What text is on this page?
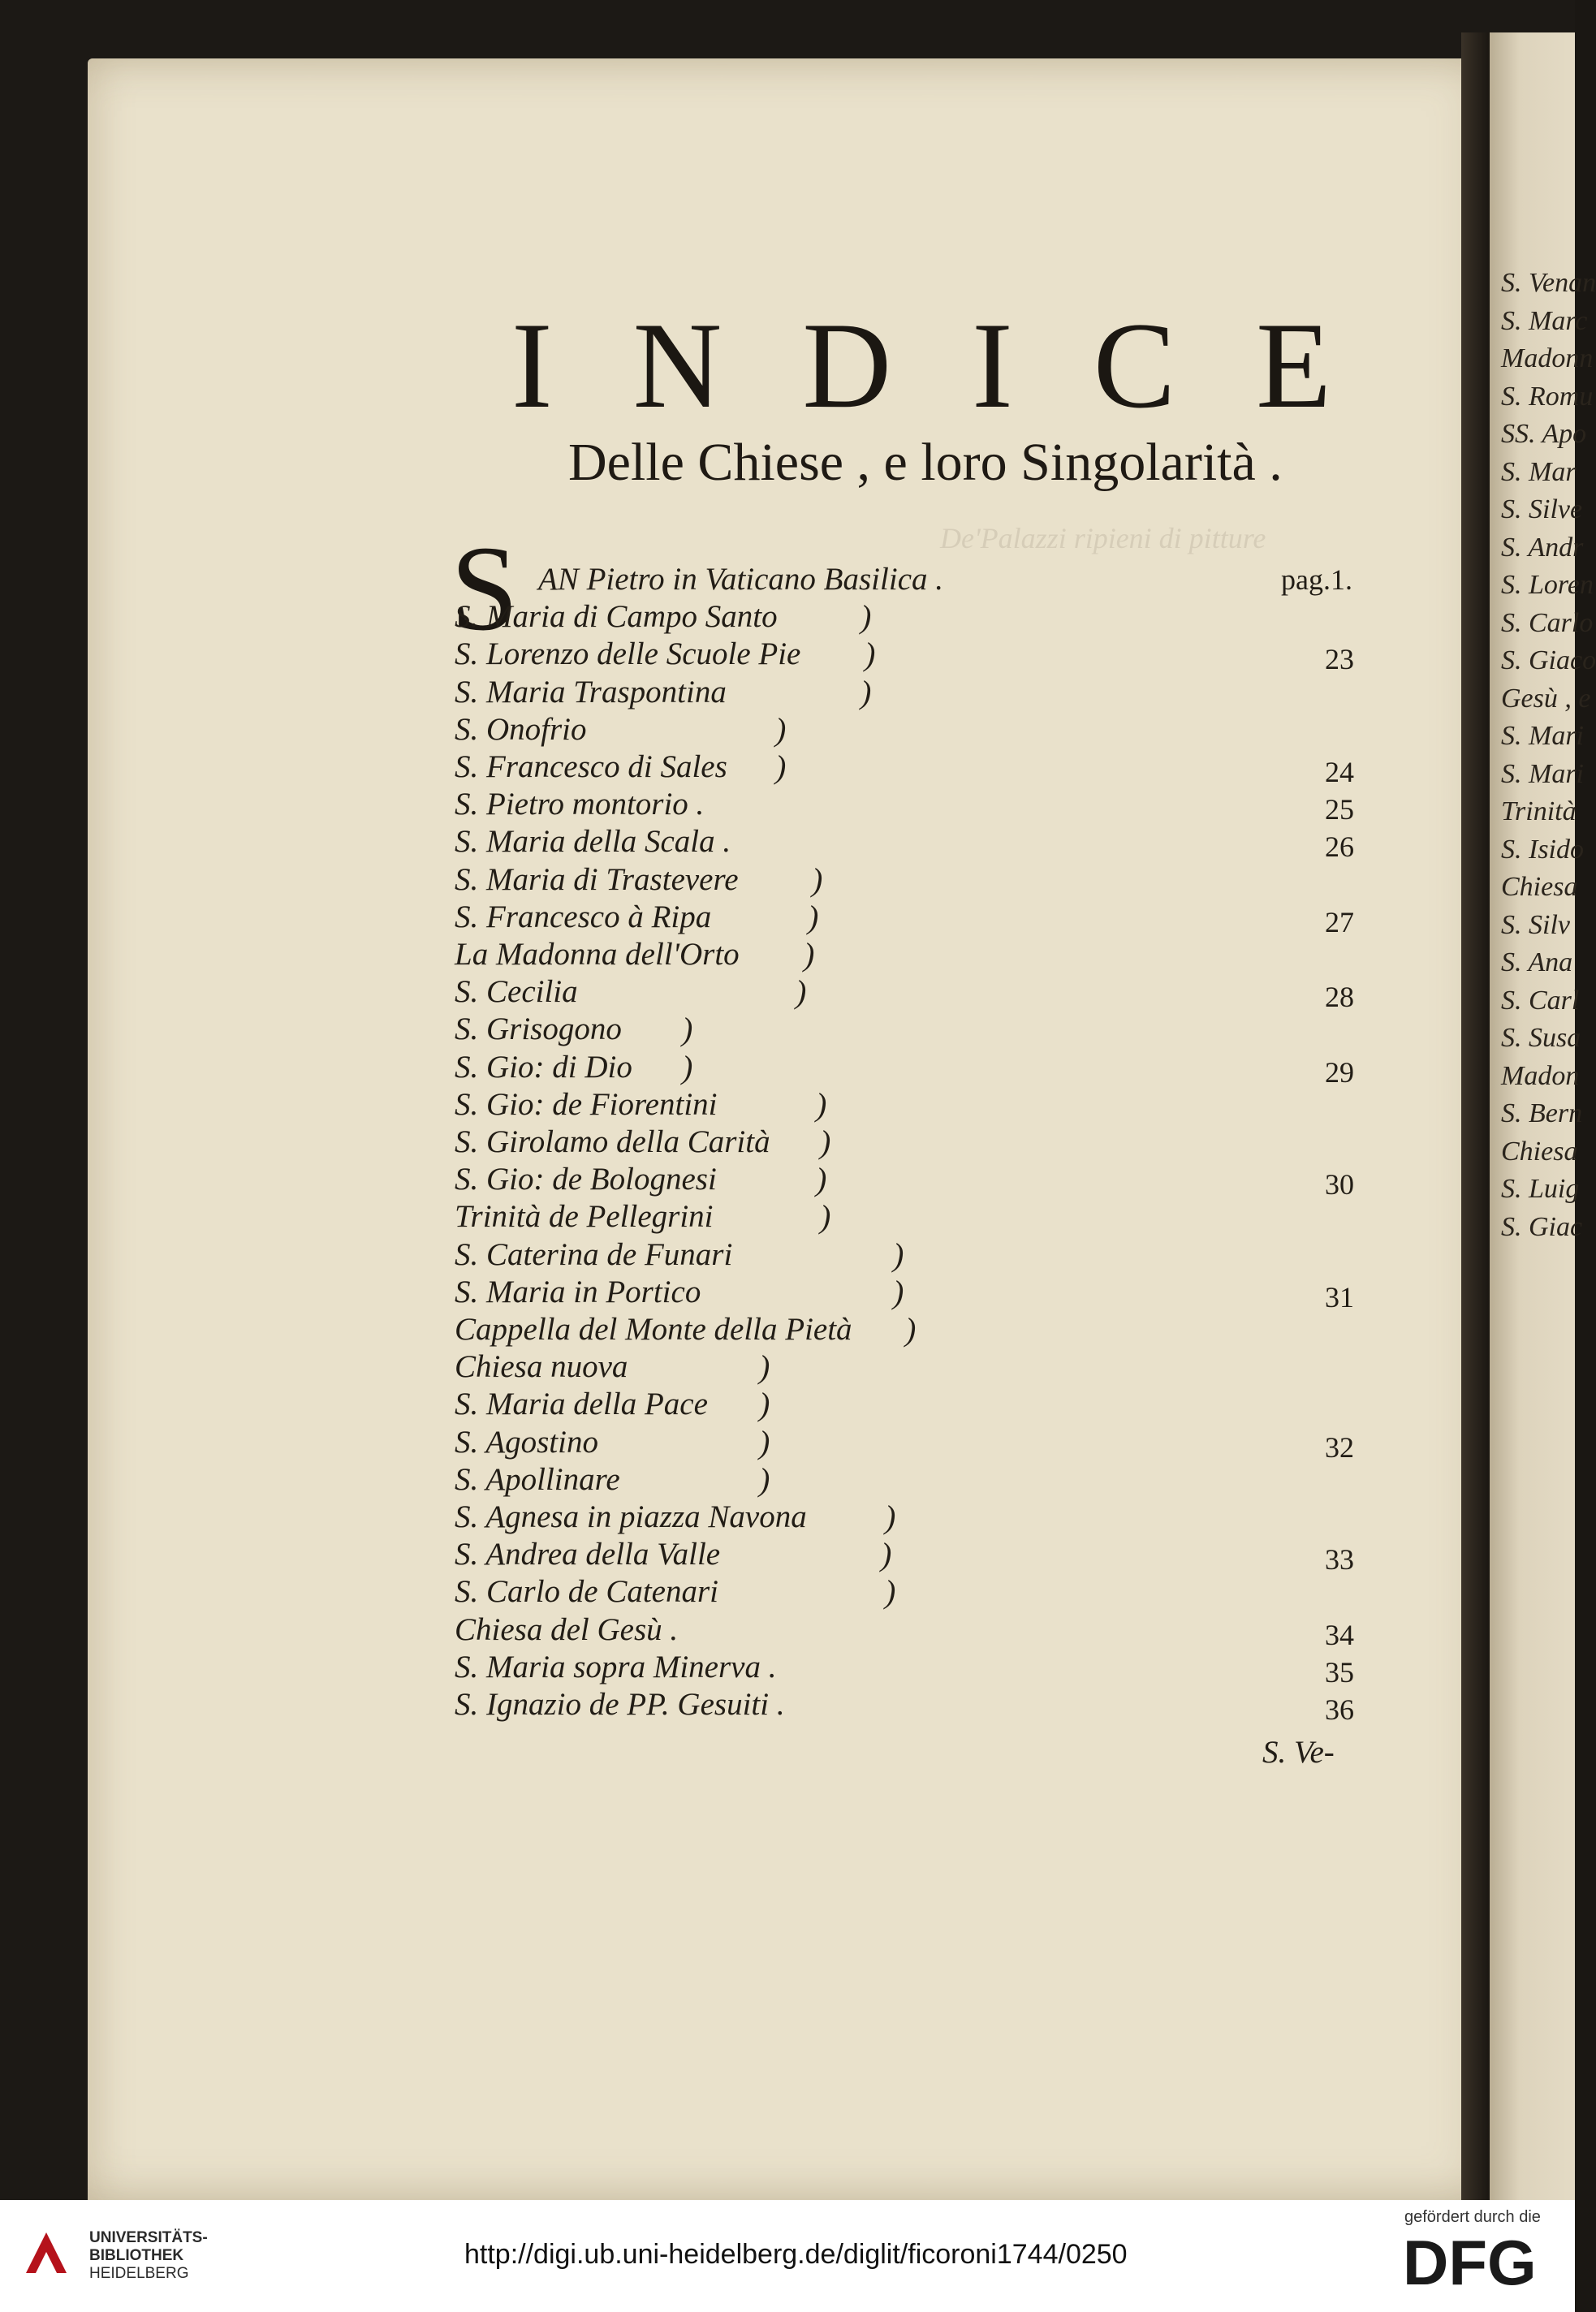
De'Palazzi ripieni di pitture
S. Venan
S. Marc
Madonn
S. Romu
SS. Apo
S. Mar
S. Silve
S. Andr
S. Loren
S. Carlo
S. Giaco
Gesù , e
S. Mari
S. Mari
Trinità
S. Isido
Chiesa
S. Silv
S. Ana
S. Carl
S. Susa
Madon
S. Bern
Chiesa
S. Luig
S. Giac
I N D I C E
Delle Chiese , e loro Singolarità .
S AN Pietro in Vaticano Basilica .	pag.1.
S. Maria di Campo Santo	)
S. Lorenzo delle Scuole Pie )	23
S. Maria Traspontina	)
S. Onofrio	)
S. Francesco di Sales )	24
S. Pietro montorio .	25
S. Maria della Scala .	26
S. Maria di Trastevere )
S. Francesco à Ripa	)	27
La Madonna dell'Orto )
S. Cecilia	)	28
S. Grisogono )
S. Gio: di Dio )	29
S. Gio: de Fiorentini	)
S. Girolamo della Carità )
S. Gio: de Bolognesi	)	30
Trinità de Pellegrini	)
S. Caterina de Funari	)
S. Maria in Portico	)	31
Cappella del Monte della Pietà )
Chiesa nuova	)
S. Maria della Pace )
S. Agostino	)	32
S. Apollinare	)
S. Agnesa in piazza Navona )
S. Andrea della Valle	)	33
S. Carlo de Catenari	)
Chiesa del Gesù .	34
S. Maria sopra Minerva .	35
S. Ignazio de PP. Gesuiti .	36
S. Ve-
UNIVERSITÄTS-
BIBLIOTHEK
HEIDELBERG
http://digi.ub.uni-heidelberg.de/diglit/ficoroni1744/0250
gefördert durch die
DFG
